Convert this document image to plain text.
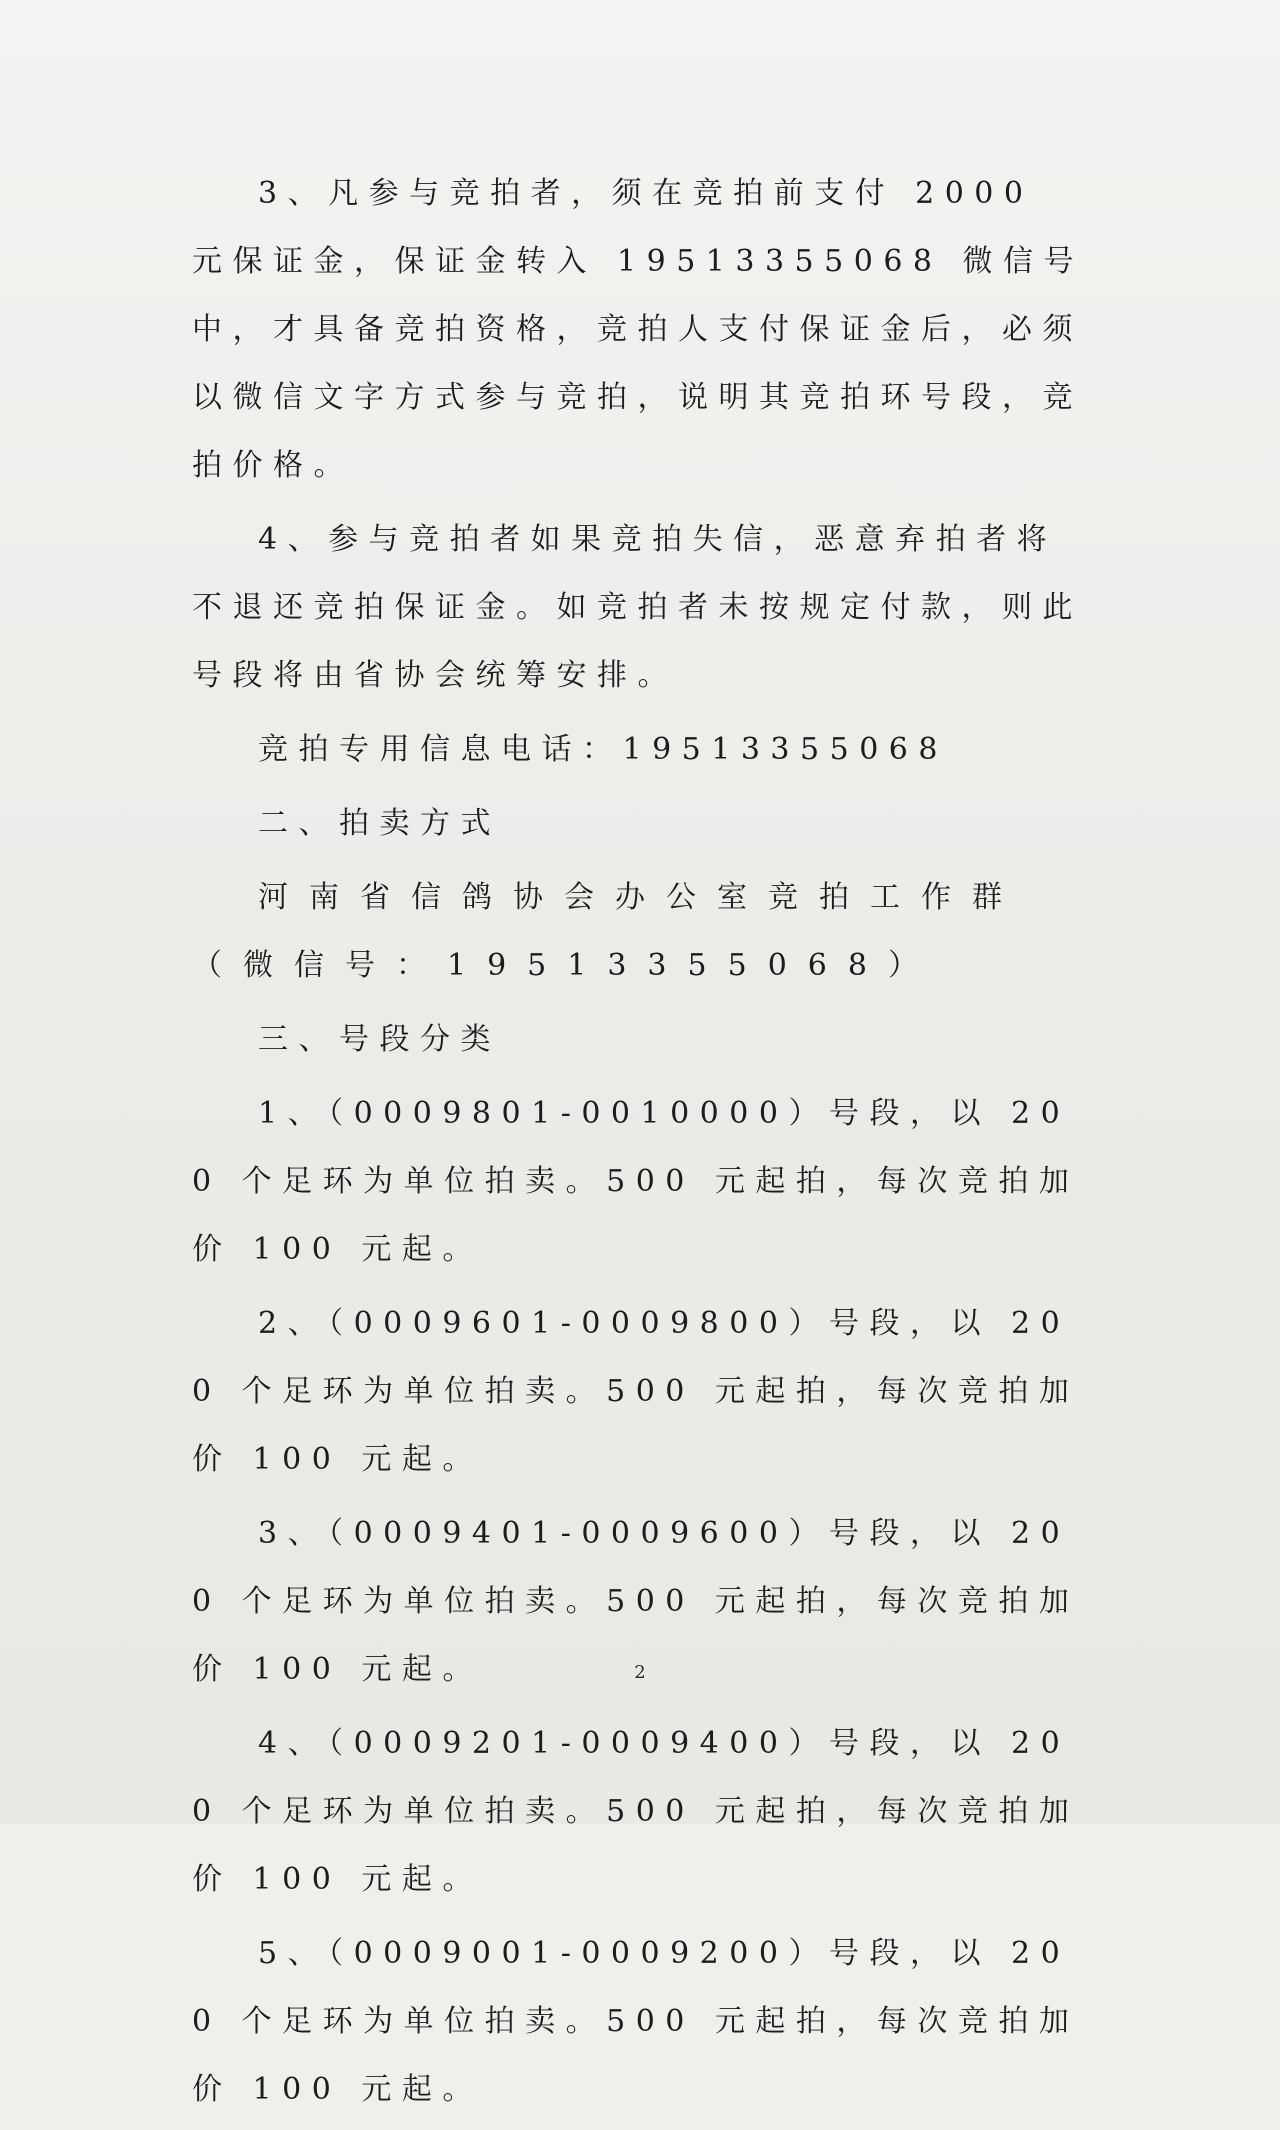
3、凡参与竞拍者，须在竞拍前支付 2000 元保证金，保证金转入 19513355068 微信号中，才具备竞拍资格，竞拍人支付保证金后，必须以微信文字方式参与竞拍，说明其竞拍环号段，竞拍价格。

4、参与竞拍者如果竞拍失信，恶意弃拍者将不退还竞拍保证金。如竞拍者未按规定付款，则此号段将由省协会统筹安排。

竞拍专用信息电话：19513355068

二、拍卖方式

河南省信鸽协会办公室竞拍工作群（微信号：19513355068）

三、号段分类

1、（0009801-0010000）号段，以 200 个足环为单位拍卖。500 元起拍，每次竞拍加价 100 元起。

2、（0009601-0009800）号段，以 200 个足环为单位拍卖。500 元起拍，每次竞拍加价 100 元起。

3、（0009401-0009600）号段，以 200 个足环为单位拍卖。500 元起拍，每次竞拍加价 100 元起。

4、（0009201-0009400）号段，以 200 个足环为单位拍卖。500 元起拍，每次竞拍加价 100 元起。

5、（0009001-0009200）号段，以 200 个足环为单位拍卖。500 元起拍，每次竞拍加价 100 元起。

2
